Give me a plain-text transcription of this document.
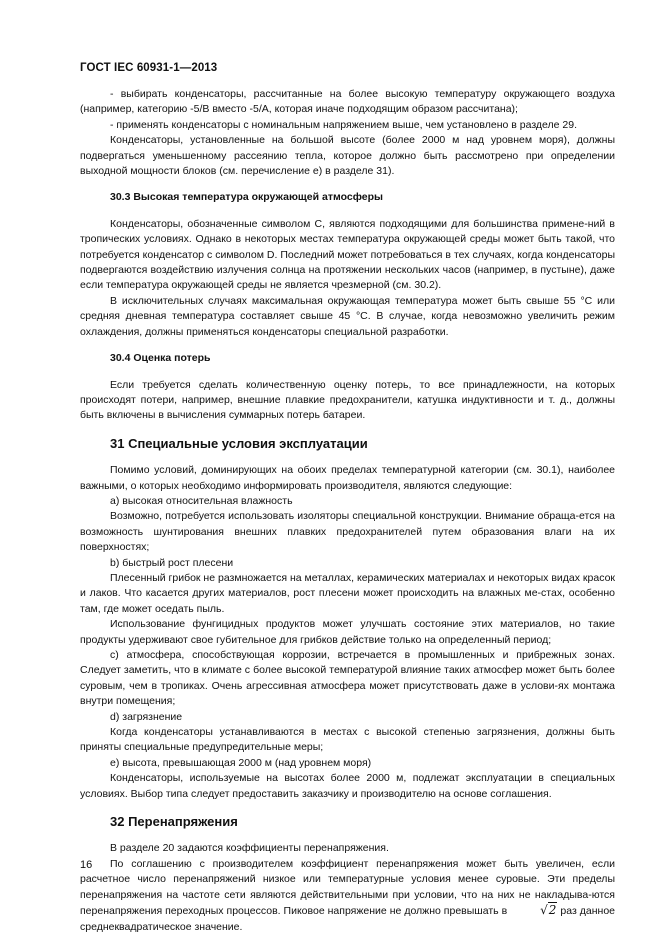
ГОСТ IEC 60931-1—2013

- выбирать конденсаторы, рассчитанные на более высокую температуру окружающего воздуха (например, категорию -5/В вместо -5/А, которая иначе подходящим образом рассчитана);

- применять конденсаторы с номинальным напряжением выше, чем установлено в разделе 29.

Конденсаторы, установленные на большой высоте (более 2000 м над уровнем моря), должны подвергаться уменьшенному рассеянию тепла, которое должно быть рассмотрено при определении выходной мощности блоков (см. перечисление е) в разделе 31).

30.3 Высокая температура окружающей атмосферы

Конденсаторы, обозначенные символом C, являются подходящими для большинства примене-ний в тропических условиях. Однако в некоторых местах температура окружающей среды может быть такой, что потребуется конденсатор с символом D. Последний может потребоваться в тех случаях, когда конденсаторы подвергаются воздействию излучения солнца на протяжении нескольких часов (например, в пустыне), даже если температура окружающей среды не является чрезмерной (см. 30.2).

В исключительных случаях максимальная окружающая температура может быть свыше 55 °С или средняя дневная температура составляет свыше 45 °С. В случае, когда невозможно увеличить режим охлаждения, должны применяться конденсаторы специальной разработки.

30.4 Оценка потерь

Если требуется сделать количественную оценку потерь, то все принадлежности, на которых происходят потери, например, внешние плавкие предохранители, катушка индуктивности и т. д., должны быть включены в вычисления суммарных потерь батареи.

31 Специальные условия эксплуатации

Помимо условий, доминирующих на обоих пределах температурной категории (см. 30.1), наиболее важными, о которых необходимо информировать производителя, являются следующие:

а) высокая относительная влажность

Возможно, потребуется использовать изоляторы специальной конструкции. Внимание обраща-ется на возможность шунтирования внешних плавких предохранителей путем образования влаги на их поверхностях;

b) быстрый рост плесени

Плесенный грибок не размножается на металлах, керамических материалах и некоторых видах красок и лаков. Что касается других материалов, рост плесени может происходить на влажных ме-стах, особенно там, где может оседать пыль.

Использование фунгицидных продуктов может улучшать состояние этих материалов, но такие продукты удерживают свое губительное для грибков действие только на определенный период;

с) атмосфера, способствующая коррозии, встречается в промышленных и прибрежных зонах. Следует заметить, что в климате с более высокой температурой влияние таких атмосфер может быть более суровым, чем в тропиках. Очень агрессивная атмосфера может присутствовать даже в услови-ях монтажа внутри помещения;

d) загрязнение

Когда конденсаторы устанавливаются в местах с высокой степенью загрязнения, должны быть приняты специальные предупредительные меры;

е) высота, превышающая 2000 м (над уровнем моря)

Конденсаторы, используемые на высотах более 2000 м, подлежат эксплуатации в специальных условиях. Выбор типа следует предоставить заказчику и производителю на основе соглашения.

32 Перенапряжения

В разделе 20 задаются коэффициенты перенапряжения.

По соглашению с производителем коэффициент перенапряжения может быть увеличен, если расчетное число перенапряжений низкое или температурные условия менее суровые. Эти пределы перенапряжения на частоте сети являются действительными при условии, что на них не накладыва-ются перенапряжения переходных процессов. Пиковое напряжение не должно превышать в	√2 раз данное среднеквадратическое значение.

16
